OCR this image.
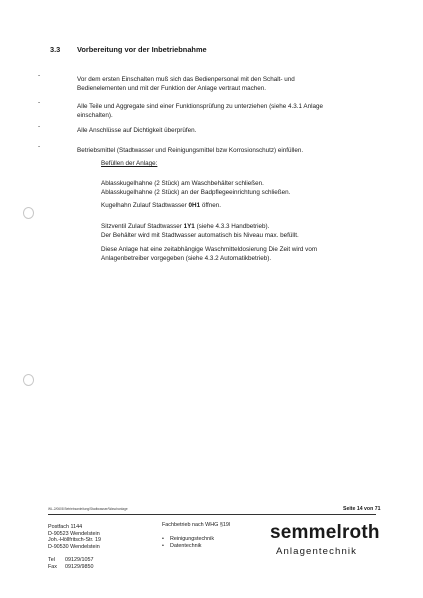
3.3 Vorbereitung vor der Inbetriebnahme
-
Vor dem ersten Einschalten muß sich das Bedienpersonal mit den Schalt- und
Bedienelementen und mit der Funktion der Anlage vertraut machen.
-
Alle Teile und Aggregate sind einer Funktionsprüfung zu unterziehen (siehe 4.3.1 Anlage
einschalten).
-
Alle Anschlüsse auf Dichtigkeit überprüfen.
-
Betriebsmittel (Stadtwasser und Reinigungsmittel bzw Korrosionschutz) einfüllen.
Befüllen der Anlage:
Ablasskugelhahne (2 Stück) am Waschbehälter schließen.
Ablasskugelhahne (2 Stück) an der Badpflegeeinrichtung schließen.
Kugelhahn Zulauf Stadtwasser 0H1 öffnen.
Sitzventil Zulauf Stadtwasser 1Y1 (siehe 4.3.3 Handbetrieb).
Der Behälter wird mit Stadtwasser automatisch bis Niveau max. befüllt.
Diese Anlage hat eine zeitabhängige Waschmitteldosierung Die Zeit wird vom
Anlagenbetreiber vorgegeben (siehe 4.3.2 Automatikbetrieb).
WL-2/0608 Betriebsanleitung/Stadtwasser/Waschanlage	Seite 14 von 71
Postfach 1144
D-90523 Wendelstein
Joh.-Höllfritsch-Str. 19
D-90530 Wendelstein
Tel 09129/1057
Fax 09129/9850
Fachbetrieb nach WHG §19l
• Reinigungstechnik
• Datentechnik
semmelroth
Anlagentechnik
